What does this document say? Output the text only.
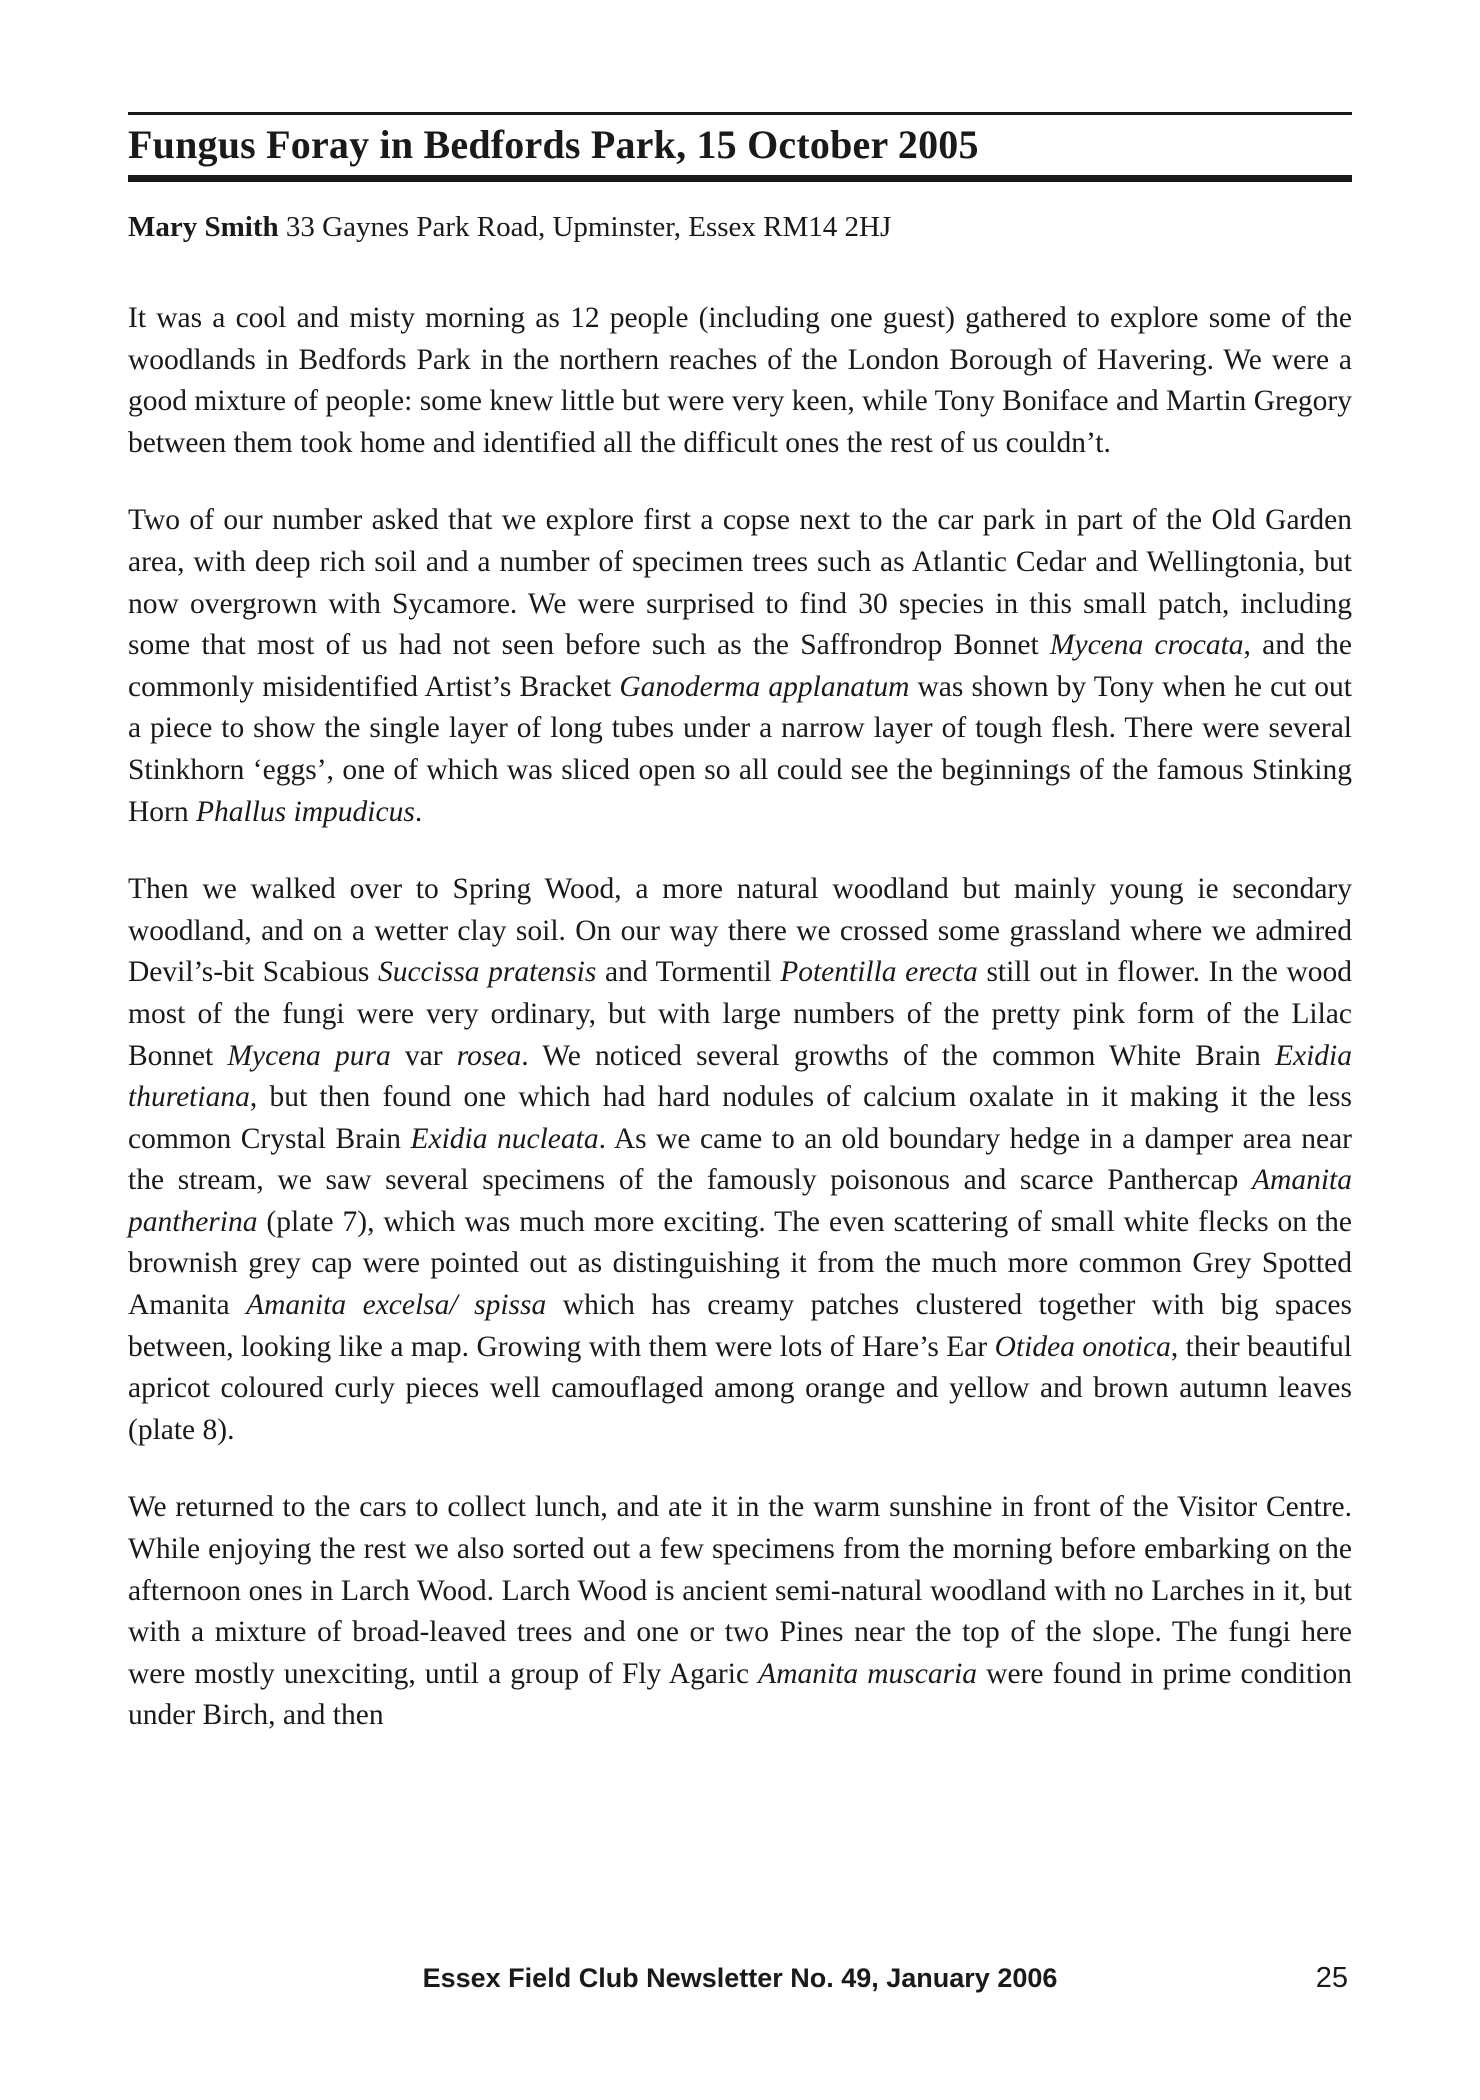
Fungus Foray in Bedfords Park, 15 October 2005
Mary Smith 33 Gaynes Park Road, Upminster, Essex RM14 2HJ

It was a cool and misty morning as 12 people (including one guest) gathered to explore some of the woodlands in Bedfords Park in the northern reaches of the London Borough of Havering. We were a good mixture of people: some knew little but were very keen, while Tony Boniface and Martin Gregory between them took home and identified all the difficult ones the rest of us couldn’t.

Two of our number asked that we explore first a copse next to the car park in part of the Old Garden area, with deep rich soil and a number of specimen trees such as Atlantic Cedar and Wellingtonia, but now overgrown with Sycamore. We were surprised to find 30 species in this small patch, including some that most of us had not seen before such as the Saffrondrop Bonnet Mycena crocata, and the commonly misidentified Artist’s Bracket Ganoderma applanatum was shown by Tony when he cut out a piece to show the single layer of long tubes under a narrow layer of tough flesh. There were several Stinkhorn ‘eggs’, one of which was sliced open so all could see the beginnings of the famous Stinking Horn Phallus impudicus.

Then we walked over to Spring Wood, a more natural woodland but mainly young ie secondary woodland, and on a wetter clay soil. On our way there we crossed some grassland where we admired Devil’s-bit Scabious Succissa pratensis and Tormentil Potentilla erecta still out in flower. In the wood most of the fungi were very ordinary, but with large numbers of the pretty pink form of the Lilac Bonnet Mycena pura var rosea. We noticed several growths of the common White Brain Exidia thuretiana, but then found one which had hard nodules of calcium oxalate in it making it the less common Crystal Brain Exidia nucleata. As we came to an old boundary hedge in a damper area near the stream, we saw several specimens of the famously poisonous and scarce Panthercap Amanita pantherina (plate 7), which was much more exciting. The even scattering of small white flecks on the brownish grey cap were pointed out as distinguishing it from the much more common Grey Spotted Amanita Amanita excelsa/ spissa which has creamy patches clustered together with big spaces between, looking like a map. Growing with them were lots of Hare’s Ear Otidea onotica, their beautiful apricot coloured curly pieces well camouflaged among orange and yellow and brown autumn leaves (plate 8).

We returned to the cars to collect lunch, and ate it in the warm sunshine in front of the Visitor Centre. While enjoying the rest we also sorted out a few specimens from the morning before embarking on the afternoon ones in Larch Wood. Larch Wood is ancient semi-natural woodland with no Larches in it, but with a mixture of broad-leaved trees and one or two Pines near the top of the slope. The fungi here were mostly unexciting, until a group of Fly Agaric Amanita muscaria were found in prime condition under Birch, and then

Essex Field Club Newsletter No. 49, January 2006	25
